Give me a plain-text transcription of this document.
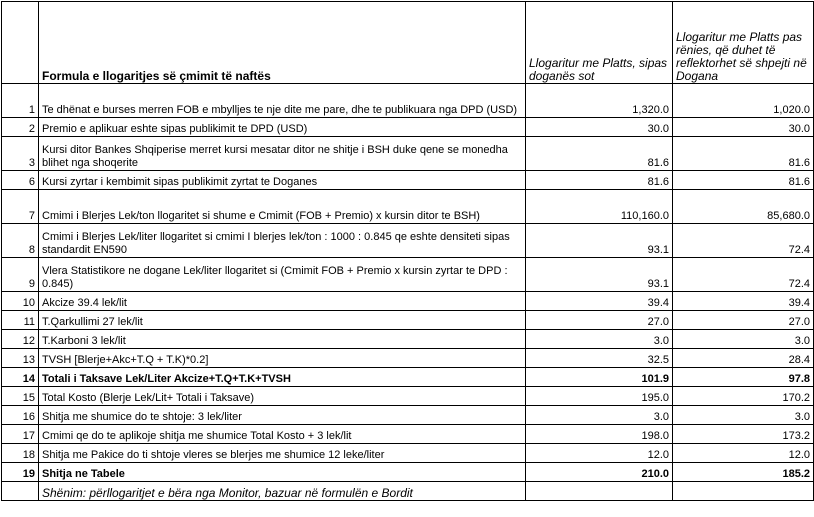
	Formula e llogaritjes së çmimit të naftës	Llogaritur me Platts, sipas doganës sot	Llogaritur me Platts pas rënies, që duhet të reflektorhet së shpejti në Dogana
1	Te dhënat e burses merren FOB e mbylljes te nje dite me pare, dhe te publikuara nga DPD (USD)	1,320.0	1,020.0
2	Premio e aplikuar eshte sipas publikimit te DPD (USD)	30.0	30.0
3	Kursi ditor Bankes Shqiperise merret kursi mesatar ditor ne shitje i BSH duke qene se monedha blihet nga shoqerite	81.6	81.6
6	Kursi zyrtar i kembimit sipas publikimit zyrtat te Doganes	81.6	81.6
7	Cmimi i Blerjes Lek/ton llogaritet si shume e Cmimit (FOB + Premio) x kursin ditor te BSH)	110,160.0	85,680.0
8	Cmimi i Blerjes Lek/liter llogaritet si cmimi I blerjes lek/ton : 1000 : 0.845 qe eshte densiteti sipas standardit EN590	93.1	72.4
9	Vlera Statistikore ne dogane Lek/liter llogaritet si (Cmimit FOB + Premio x kursin zyrtar te DPD : 0.845)	93.1	72.4
10	Akcize 39.4 lek/lit	39.4	39.4
11	T.Qarkullimi 27 lek/lit	27.0	27.0
12	T.Karboni 3 lek/lit	3.0	3.0
13	TVSH [Blerje+Akc+T.Q + T.K)*0.2]	32.5	28.4
14	Totali i Taksave Lek/Liter Akcize+T.Q+T.K+TVSH	101.9	97.8
15	Total Kosto (Blerje Lek/Lit+ Totali i Taksave)	195.0	170.2
16	Shitja me shumice do te shtoje: 3 lek/liter	3.0	3.0
17	Cmimi qe do te aplikoje shitja me shumice Total Kosto + 3 lek/lit	198.0	173.2
18	Shitja me Pakice do ti shtoje vleres se blerjes me shumice 12 leke/liter	12.0	12.0
19	Shitja ne Tabele	210.0	185.2
	Shënim: përllogaritjet e bëra nga Monitor, bazuar në formulën e Bordit		
